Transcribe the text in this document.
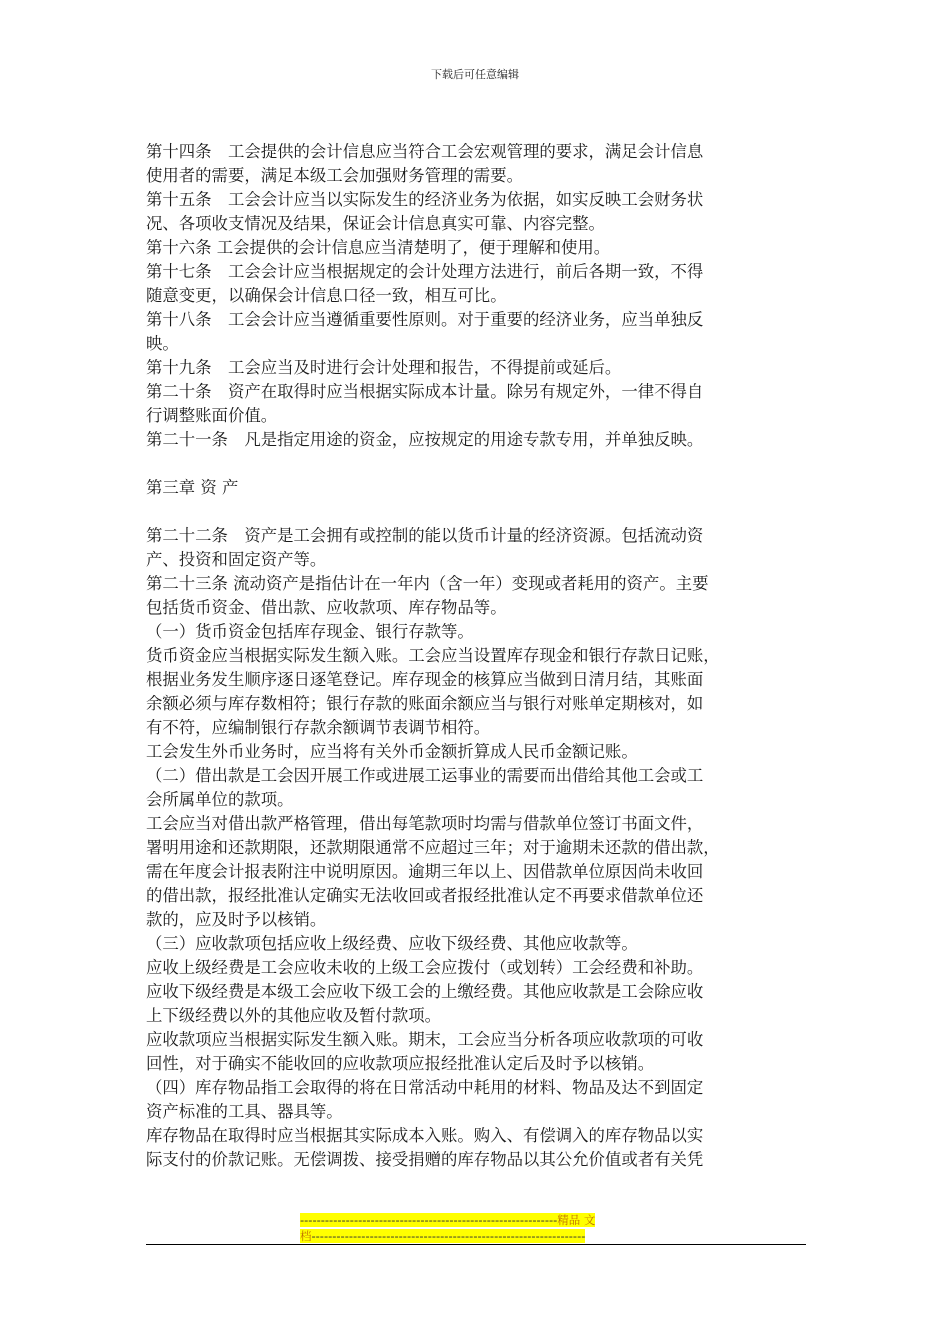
下载后可任意编辑
第十四条　工会提供的会计信息应当符合工会宏观管理的要求，满足会计信息
使用者的需要，满足本级工会加强财务管理的需要。
第十五条　工会会计应当以实际发生的经济业务为依据，如实反映工会财务状
况、各项收支情况及结果，保证会计信息真实可靠、内容完整。
第十六条 工会提供的会计信息应当清楚明了，便于理解和使用。
第十七条　工会会计应当根据规定的会计处理方法进行，前后各期一致，不得
随意变更，以确保会计信息口径一致，相互可比。
第十八条　工会会计应当遵循重要性原则。对于重要的经济业务，应当单独反
映。
第十九条　工会应当及时进行会计处理和报告，不得提前或延后。
第二十条　资产在取得时应当根据实际成本计量。除另有规定外，一律不得自
行调整账面价值。
第二十一条　凡是指定用途的资金，应按规定的用途专款专用，并单独反映。
第三章 资 产
第二十二条　资产是工会拥有或控制的能以货币计量的经济资源。包括流动资
产、投资和固定资产等。
第二十三条 流动资产是指估计在一年内（含一年）变现或者耗用的资产。主要
包括货币资金、借出款、应收款项、库存物品等。
（一）货币资金包括库存现金、银行存款等。
货币资金应当根据实际发生额入账。工会应当设置库存现金和银行存款日记账，
根据业务发生顺序逐日逐笔登记。库存现金的核算应当做到日清月结，其账面
余额必须与库存数相符；银行存款的账面余额应当与银行对账单定期核对，如
有不符，应编制银行存款余额调节表调节相符。
工会发生外币业务时，应当将有关外币金额折算成人民币金额记账。
（二）借出款是工会因开展工作或进展工运事业的需要而出借给其他工会或工
会所属单位的款项。
工会应当对借出款严格管理，借出每笔款项时均需与借款单位签订书面文件，
署明用途和还款期限，还款期限通常不应超过三年；对于逾期未还款的借出款，
需在年度会计报表附注中说明原因。逾期三年以上、因借款单位原因尚未收回
的借出款，报经批准认定确实无法收回或者报经批准认定不再要求借款单位还
款的，应及时予以核销。
（三）应收款项包括应收上级经费、应收下级经费、其他应收款等。
应收上级经费是工会应收未收的上级工会应拨付（或划转）工会经费和补助。
应收下级经费是本级工会应收下级工会的上缴经费。其他应收款是工会除应收
上下级经费以外的其他应收及暂付款项。
应收款项应当根据实际发生额入账。期末，工会应当分析各项应收款项的可收
回性，对于确实不能收回的应收款项应报经批准认定后及时予以核销。
（四）库存物品指工会取得的将在日常活动中耗用的材料、物品及达不到固定
资产标准的工具、器具等。
库存物品在取得时应当根据其实际成本入账。购入、有偿调入的库存物品以实
际支付的价款记账。无偿调拨、接受捐赠的库存物品以其公允价值或者有关凭
--------------------------------------------------------------精品 文
档------------------------------------------------------------------
